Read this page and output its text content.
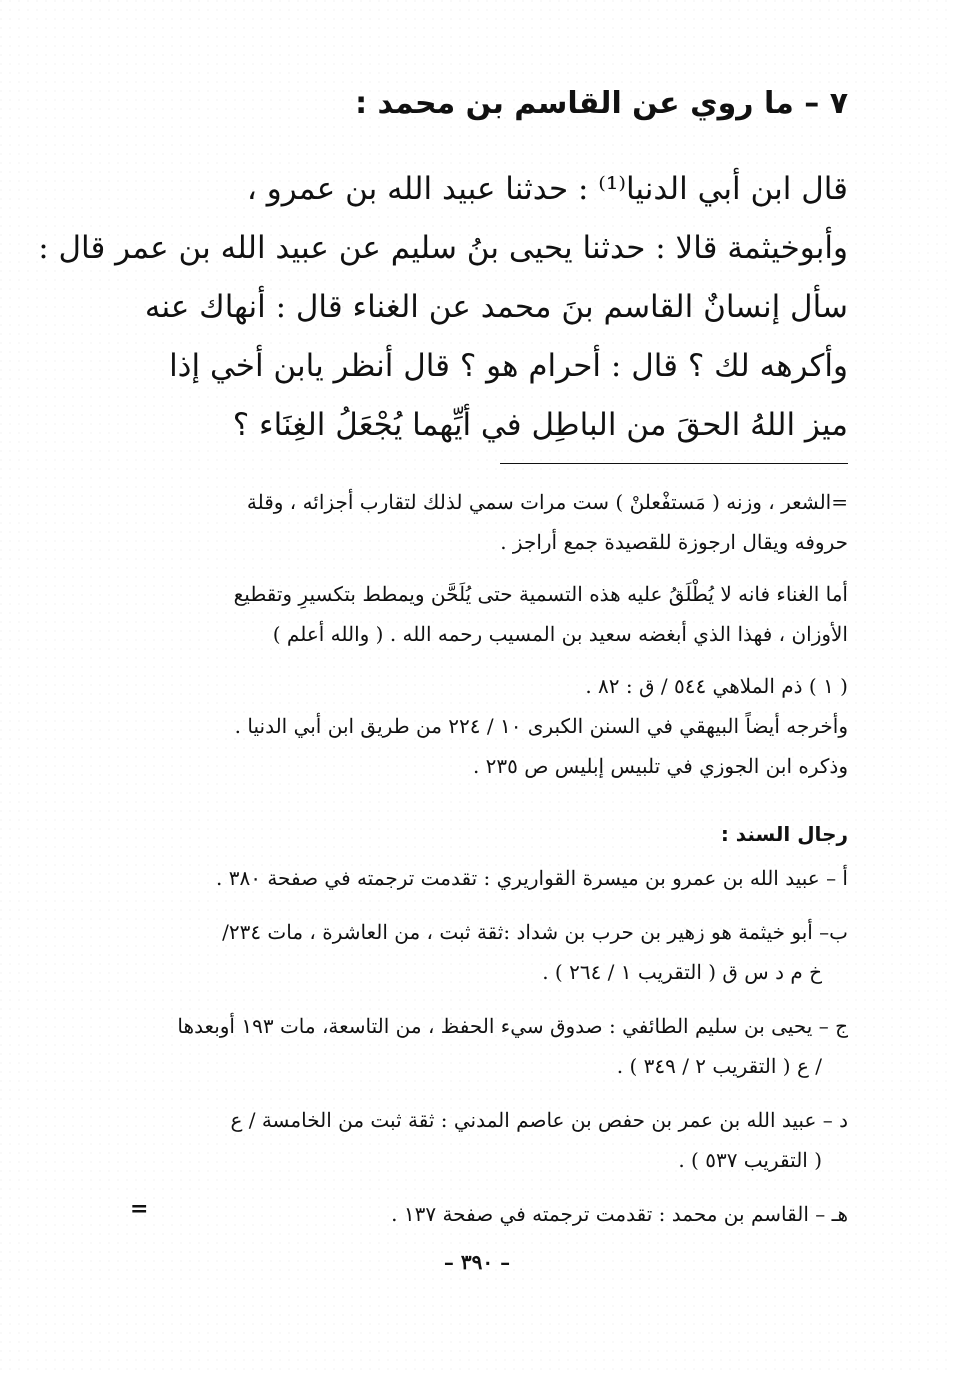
٧ – ما روي عن القاسم بن محمد :
قال ابن أبي الدنيا⁽¹⁾ : حدثنا عبيد الله بن عمرو ،
وأبوخيثمة قالا : حدثنا يحيى بنُ سليم عن عبيد الله بن عمر قال :
سأل إنسانٌ القاسم بنَ محمد عن الغناء قال : أنهاك عنه
وأكرهه لك ؟ قال : أحرام هو ؟ قال أنظر يابن أخي إذا
ميز اللهُ الحقَ من الباطِل في أيِّهما يُجْعَلُ الغِنَاء ؟
=الشعر ، وزنه ( مَستفْعلنْ ) ست مرات سمي لذلك لتقارب أجزائه ، وقلة
حروفه ويقال ارجوزة للقصيدة جمع أراجز .
أما الغناء فانه لا يُطْلَقُ عليه هذه التسمية حتى يُلَحَّن ويمطط بتكسيرِ وتقطيع
الأوزان ، فهذا الذي أبغضه سعيد بن المسيب رحمه الله . ( والله أعلم )
( ١ ) ذم الملاهي ٥٤٤ / ق : ٨٢ .
وأخرجه أيضاً البيهقي في السنن الكبرى ١٠ / ٢٢٤ من طريق ابن أبي الدنيا .
وذكره ابن الجوزي في تلبيس إبليس ص ٢٣٥ .
رجال السند :
أ – عبيد الله بن عمرو بن ميسرة القواريري : تقدمت ترجمته في صفحة ٣٨٠ .
ب– أبو خيثمة هو زهير بن حرب بن شداد :ثقة ثبت ، من العاشرة ، مات ٢٣٤/
خ م د س ق ( التقريب ١ / ٢٦٤ ) .
ج – يحيى بن سليم الطائفي : صدوق سيء الحفظ ، من التاسعة، مات ١٩٣ أوبعدها
/ ع ( التقريب ٢ / ٣٤٩ ) .
د – عبيد الله بن عمر بن حفص بن عاصم المدني : ثقة ثبت من الخامسة / ع
( التقريب ٥٣٧ ) .
هـ – القاسم بن محمد : تقدمت ترجمته في صفحة ١٣٧ .
=
– ٣٩٠ –
